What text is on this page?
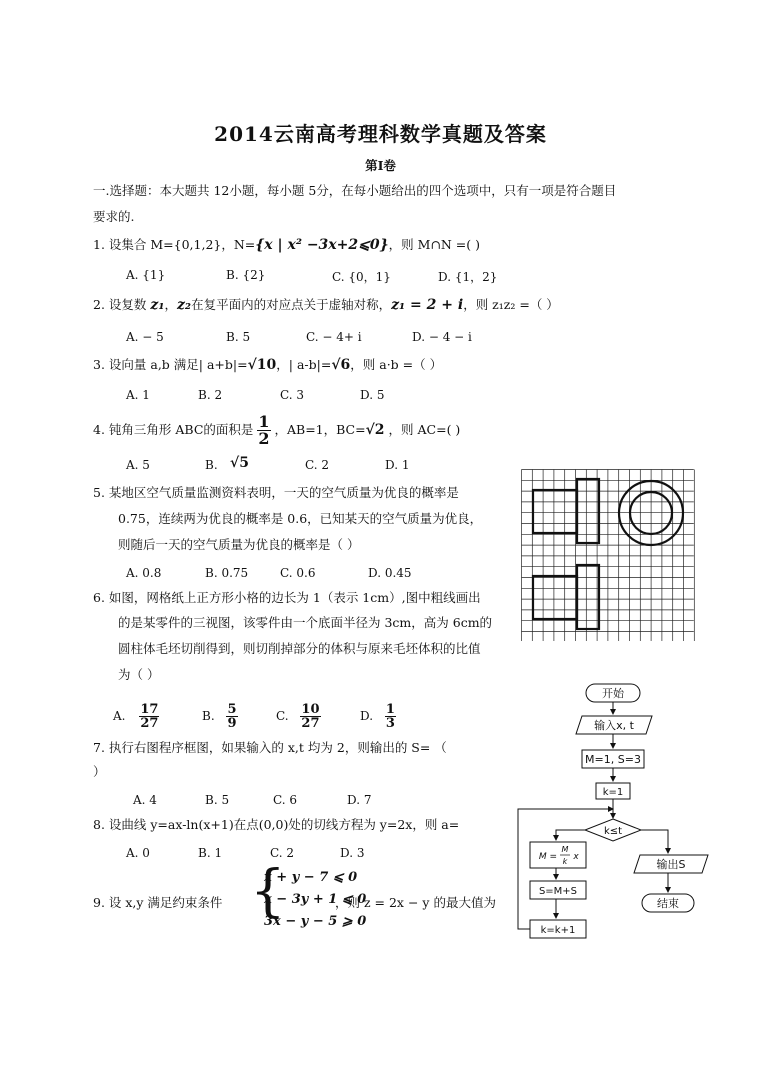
2014云南高考理科数学真题及答案
第Ⅰ卷
一.选择题：本大题共 12小题，每小题 5分，在每小题给出的四个选项中，只有一项是符合题目
要求的.
1. 设集合 M={0,1,2}，N={x | x² −3x+2⩽0}，则 M∩N =( )
A. {1}	B. {2}	C. {0，1}	D. {1，2}
2. 设复数 z₁，z₂在复平面内的对应点关于虚轴对称，z₁ = 2 + i，则 z₁z₂ =（ ）
A. − 5	B. 5	C. − 4+ i	D. − 4 − i
3. 设向量 a,b 满足| a+b|=√10，| a-b|=√6，则 a·b =（ ）
A. 1	B. 2	C. 3	D. 5
4. 钝角三角形 ABC的面积是 $\frac{1}{2}$ ，AB=1，BC=√2 ，则 AC=( )
A. 5	B. √5	C. 2	D. 1
5. 某地区空气质量监测资料表明，一天的空气质量为优良的概率是
0.75，连续两为优良的概率是 0.6，已知某天的空气质量为优良，
则随后一天的空气质量为优良的概率是（ ）
A. 0.8	B. 0.75	C. 0.6	D. 0.45
6. 如图，网格纸上正方形小格的边长为 1（表示 1cm）,图中粗线画出
的是某零件的三视图，该零件由一个底面半径为 3cm，高为 6cm的
圆柱体毛坯切削得到，则切削掉部分的体积与原来毛坯体积的比值
为（ ）
A. $\frac{17}{27}$	B. $\frac{5}{9}$	C. $\frac{10}{27}$	D. $\frac{1}{3}$
7. 执行右图程序框图，如果输入的 x,t 均为 2，则输出的 S= （
）
A. 4	B. 5	C. 6	D. 7
8. 设曲线 y=ax-ln(x+1)在点(0,0)处的切线方程为 y=2x，则 a=
A. 0	B. 1	C. 2	D. 3
9. 设 x,y 满足约束条件 {
x + y − 7 ⩽ 0
x − 3y + 1 ⩽ 0
3x − y − 5 ⩾ 0
，则 z = 2x − y 的最大值为
开始
输入x, t
M=1, S=3
k=1
k≤t
M =
M
k x
S=M+S
k=k+1
输出S
结束
